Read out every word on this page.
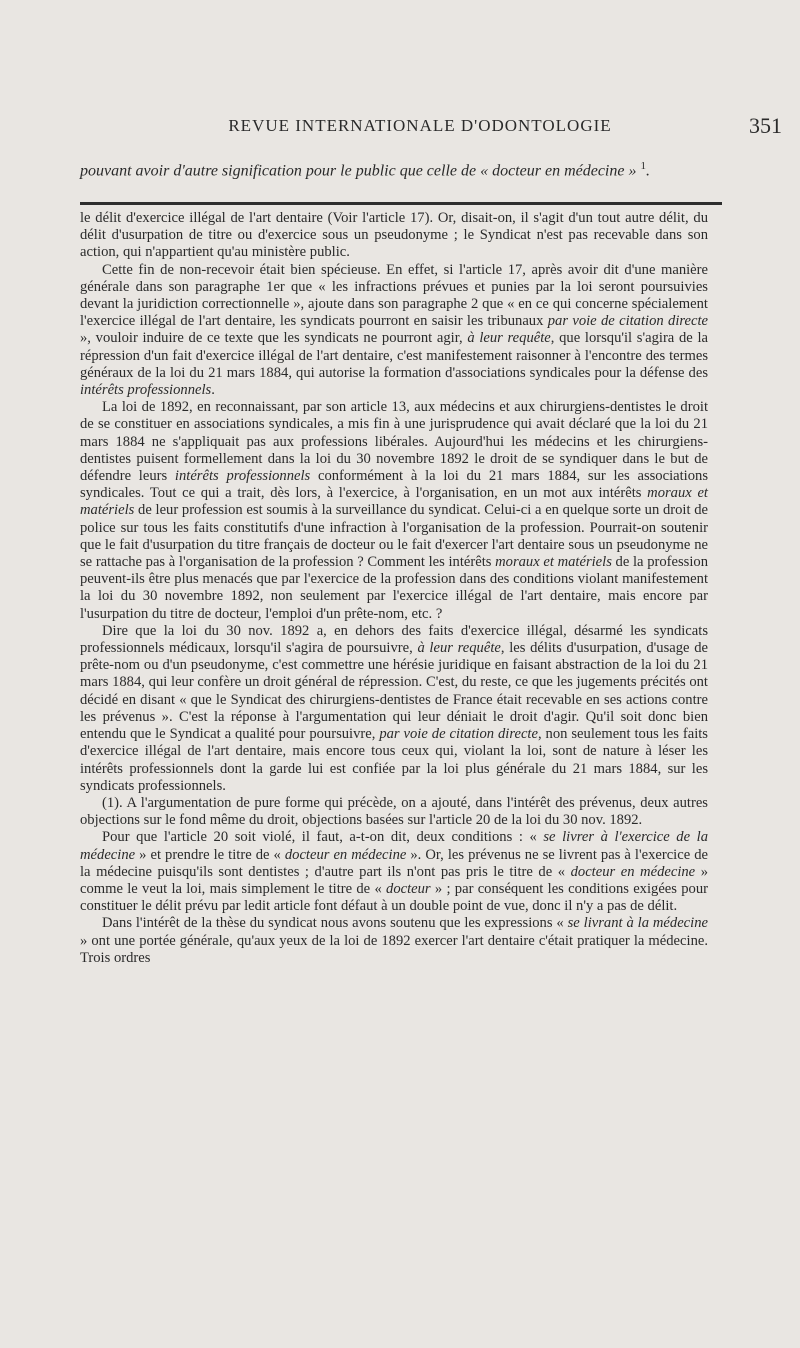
REVUE INTERNATIONALE D'ODONTOLOGIE	351
pouvant avoir d'autre signification pour le public que celle de « docteur en médecine » $^1$.

le délit d'exercice illégal de l'art dentaire (Voir l'article 17). Or, disait-on, il s'agit d'un tout autre délit, du délit d'usurpation de titre ou d'exercice sous un pseudonyme ; le Syndicat n'est pas recevable dans son action, qui n'appartient qu'au ministère public.

Cette fin de non-recevoir était bien spécieuse. En effet, si l'article 17, après avoir dit d'une manière générale dans son paragraphe 1er que « les infractions prévues et punies par la loi seront poursuivies devant la juridiction correctionnelle », ajoute dans son paragraphe 2 que « en ce qui concerne spécialement l'exercice illégal de l'art dentaire, les syndicats pourront en saisir les tribunaux par voie de citation directe », vouloir induire de ce texte que les syndicats ne pourront agir, à leur requête, que lorsqu'il s'agira de la répression d'un fait d'exercice illégal de l'art dentaire, c'est manifestement raisonner à l'encontre des termes généraux de la loi du 21 mars 1884, qui autorise la formation d'associations syndicales pour la défense des intérêts professionnels.

La loi de 1892, en reconnaissant, par son article 13, aux médecins et aux chirurgiens-dentistes le droit de se constituer en associations syndicales, a mis fin à une jurisprudence qui avait déclaré que la loi du 21 mars 1884 ne s'appliquait pas aux professions libérales. Aujourd'hui les médecins et les chirurgiens-dentistes puisent formellement dans la loi du 30 novembre 1892 le droit de se syndiquer dans le but de défendre leurs intérêts professionnels conformément à la loi du 21 mars 1884, sur les associations syndicales. Tout ce qui a trait, dès lors, à l'exercice, à l'organisation, en un mot aux intérêts moraux et matériels de leur profession est soumis à la surveillance du syndicat. Celui-ci a en quelque sorte un droit de police sur tous les faits constitutifs d'une infraction à l'organisation de la profession. Pourrait-on soutenir que le fait d'usurpation du titre français de docteur ou le fait d'exercer l'art dentaire sous un pseudonyme ne se rattache pas à l'organisation de la profession ? Comment les intérêts moraux et matériels de la profession peuvent-ils être plus menacés que par l'exercice de la profession dans des conditions violant manifestement la loi du 30 novembre 1892, non seulement par l'exercice illégal de l'art dentaire, mais encore par l'usurpation du titre de docteur, l'emploi d'un prête-nom, etc. ?

Dire que la loi du 30 nov. 1892 a, en dehors des faits d'exercice illégal, désarmé les syndicats professionnels médicaux, lorsqu'il s'agira de poursuivre, à leur requête, les délits d'usurpation, d'usage de prête-nom ou d'un pseudonyme, c'est commettre une hérésie juridique en faisant abstraction de la loi du 21 mars 1884, qui leur confère un droit général de répression. C'est, du reste, ce que les jugements précités ont décidé en disant « que le Syndicat des chirurgiens-dentistes de France était recevable en ses actions contre les prévenus ». C'est la réponse à l'argumentation qui leur déniait le droit d'agir. Qu'il soit donc bien entendu que le Syndicat a qualité pour poursuivre, par voie de citation directe, non seulement tous les faits d'exercice illégal de l'art dentaire, mais encore tous ceux qui, violant la loi, sont de nature à léser les intérêts professionnels dont la garde lui est confiée par la loi plus générale du 21 mars 1884, sur les syndicats professionnels.

(1). A l'argumentation de pure forme qui précède, on a ajouté, dans l'intérêt des prévenus, deux autres objections sur le fond même du droit, objections basées sur l'article 20 de la loi du 30 nov. 1892.

Pour que l'article 20 soit violé, il faut, a-t-on dit, deux conditions : « se livrer à l'exercice de la médecine » et prendre le titre de « docteur en médecine ». Or, les prévenus ne se livrent pas à l'exercice de la médecine puisqu'ils sont dentistes ; d'autre part ils n'ont pas pris le titre de « docteur en médecine » comme le veut la loi, mais simplement le titre de « docteur » ; par conséquent les conditions exigées pour constituer le délit prévu par ledit article font défaut à un double point de vue, donc il n'y a pas de délit.

Dans l'intérêt de la thèse du syndicat nous avons soutenu que les expressions « se livrant à la médecine » ont une portée générale, qu'aux yeux de la loi de 1892 exercer l'art dentaire c'était pratiquer la médecine. Trois ordres
